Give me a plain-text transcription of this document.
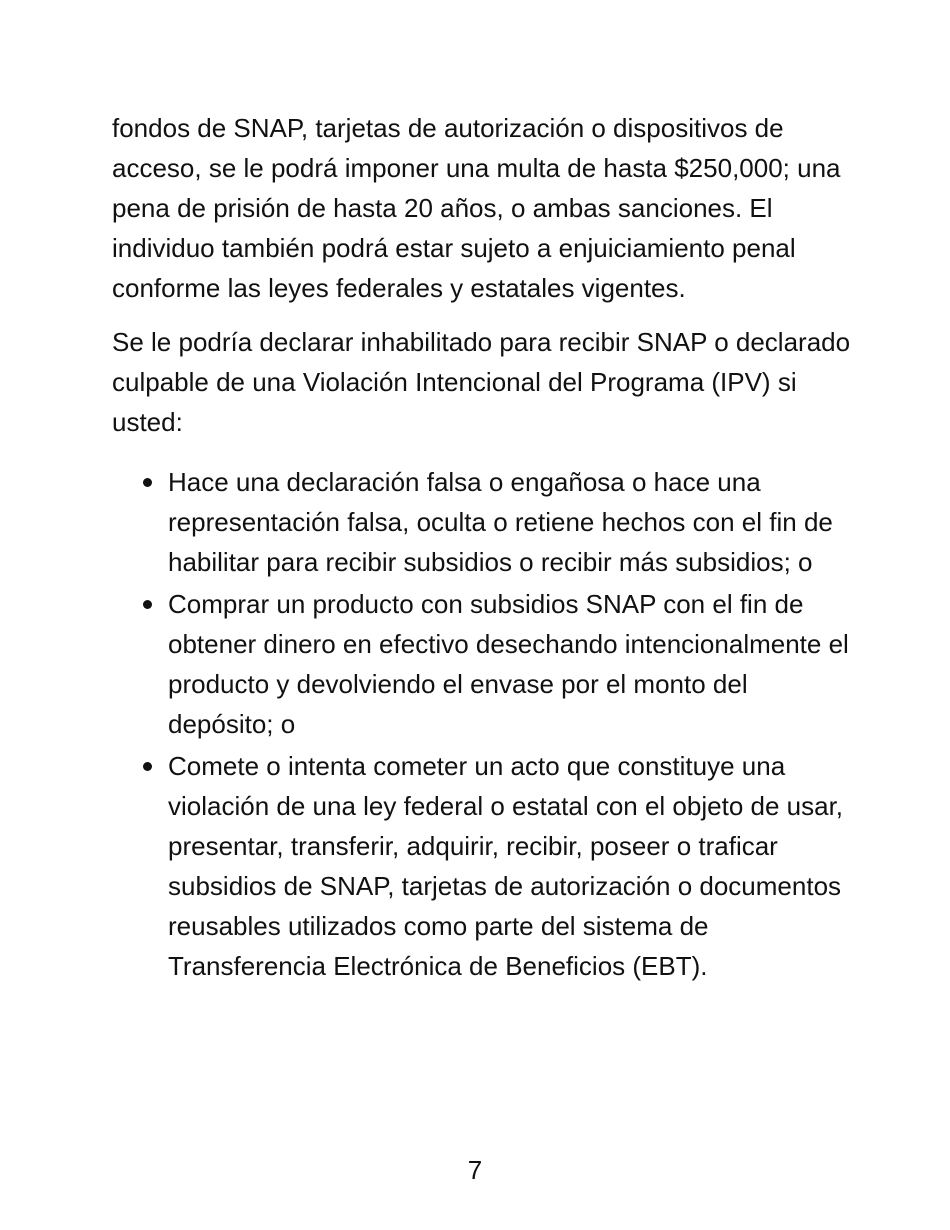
fondos de SNAP, tarjetas de autorización o dispositivos de acceso, se le podrá imponer una multa de hasta $250,000; una pena de prisión de hasta 20 años, o ambas sanciones. El individuo también podrá estar sujeto a enjuiciamiento penal conforme las leyes federales y estatales vigentes.

Se le podría declarar inhabilitado para recibir SNAP o declarado culpable de una Violación Intencional del Programa (IPV) si usted:

Hace una declaración falsa o engañosa o hace una representación falsa, oculta o retiene hechos con el fin de habilitar para recibir subsidios o recibir más subsidios; o
Comprar un producto con subsidios SNAP con el fin de obtener dinero en efectivo desechando intencionalmente el producto y devolviendo el envase por el monto del depósito; o
Comete o intenta cometer un acto que constituye una violación de una ley federal o estatal con el objeto de usar, presentar, transferir, adquirir, recibir, poseer o traficar subsidios de SNAP, tarjetas de autorización o documentos reusables utilizados como parte del sistema de Transferencia Electrónica de Beneficios (EBT).
7
